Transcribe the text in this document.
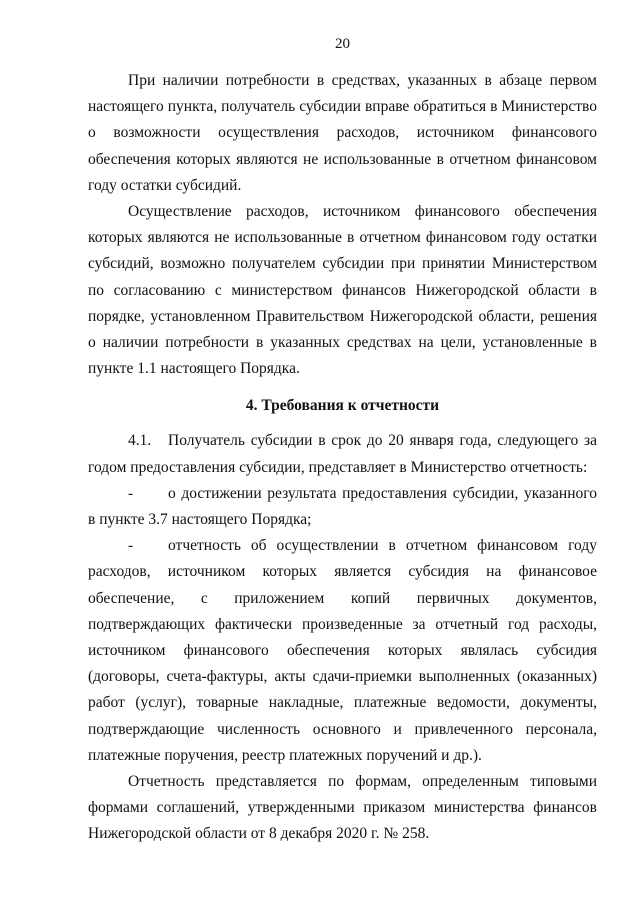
20

При наличии потребности в средствах, указанных в абзаце первом настоящего пункта, получатель субсидии вправе обратиться в Министерство о возможности осуществления расходов, источником финансового обеспечения которых являются не использованные в отчетном финансовом году остатки субсидий.

Осуществление расходов, источником финансового обеспечения которых являются не использованные в отчетном финансовом году остатки субсидий, возможно получателем субсидии при принятии Министерством по согласованию с министерством финансов Нижегородской области в порядке, установленном Правительством Нижегородской области, решения о наличии потребности в указанных средствах на цели, установленные в пункте 1.1 настоящего Порядка.

4. Требования к отчетности

4.1. Получатель субсидии в срок до 20 января года, следующего за годом предоставления субсидии, представляет в Министерство отчетность:

- о достижении результата предоставления субсидии, указанного в пункте 3.7 настоящего Порядка;

- отчетность об осуществлении в отчетном финансовом году расходов, источником которых является субсидия на финансовое обеспечение, с приложением копий первичных документов, подтверждающих фактически произведенные за отчетный год расходы, источником финансового обеспечения которых являлась субсидия (договоры, счета-фактуры, акты сдачи-приемки выполненных (оказанных) работ (услуг), товарные накладные, платежные ведомости, документы, подтверждающие численность основного и привлеченного персонала, платежные поручения, реестр платежных поручений и др.).

Отчетность представляется по формам, определенным типовыми формами соглашений, утвержденными приказом министерства финансов Нижегородской области от 8 декабря 2020 г. № 258.
